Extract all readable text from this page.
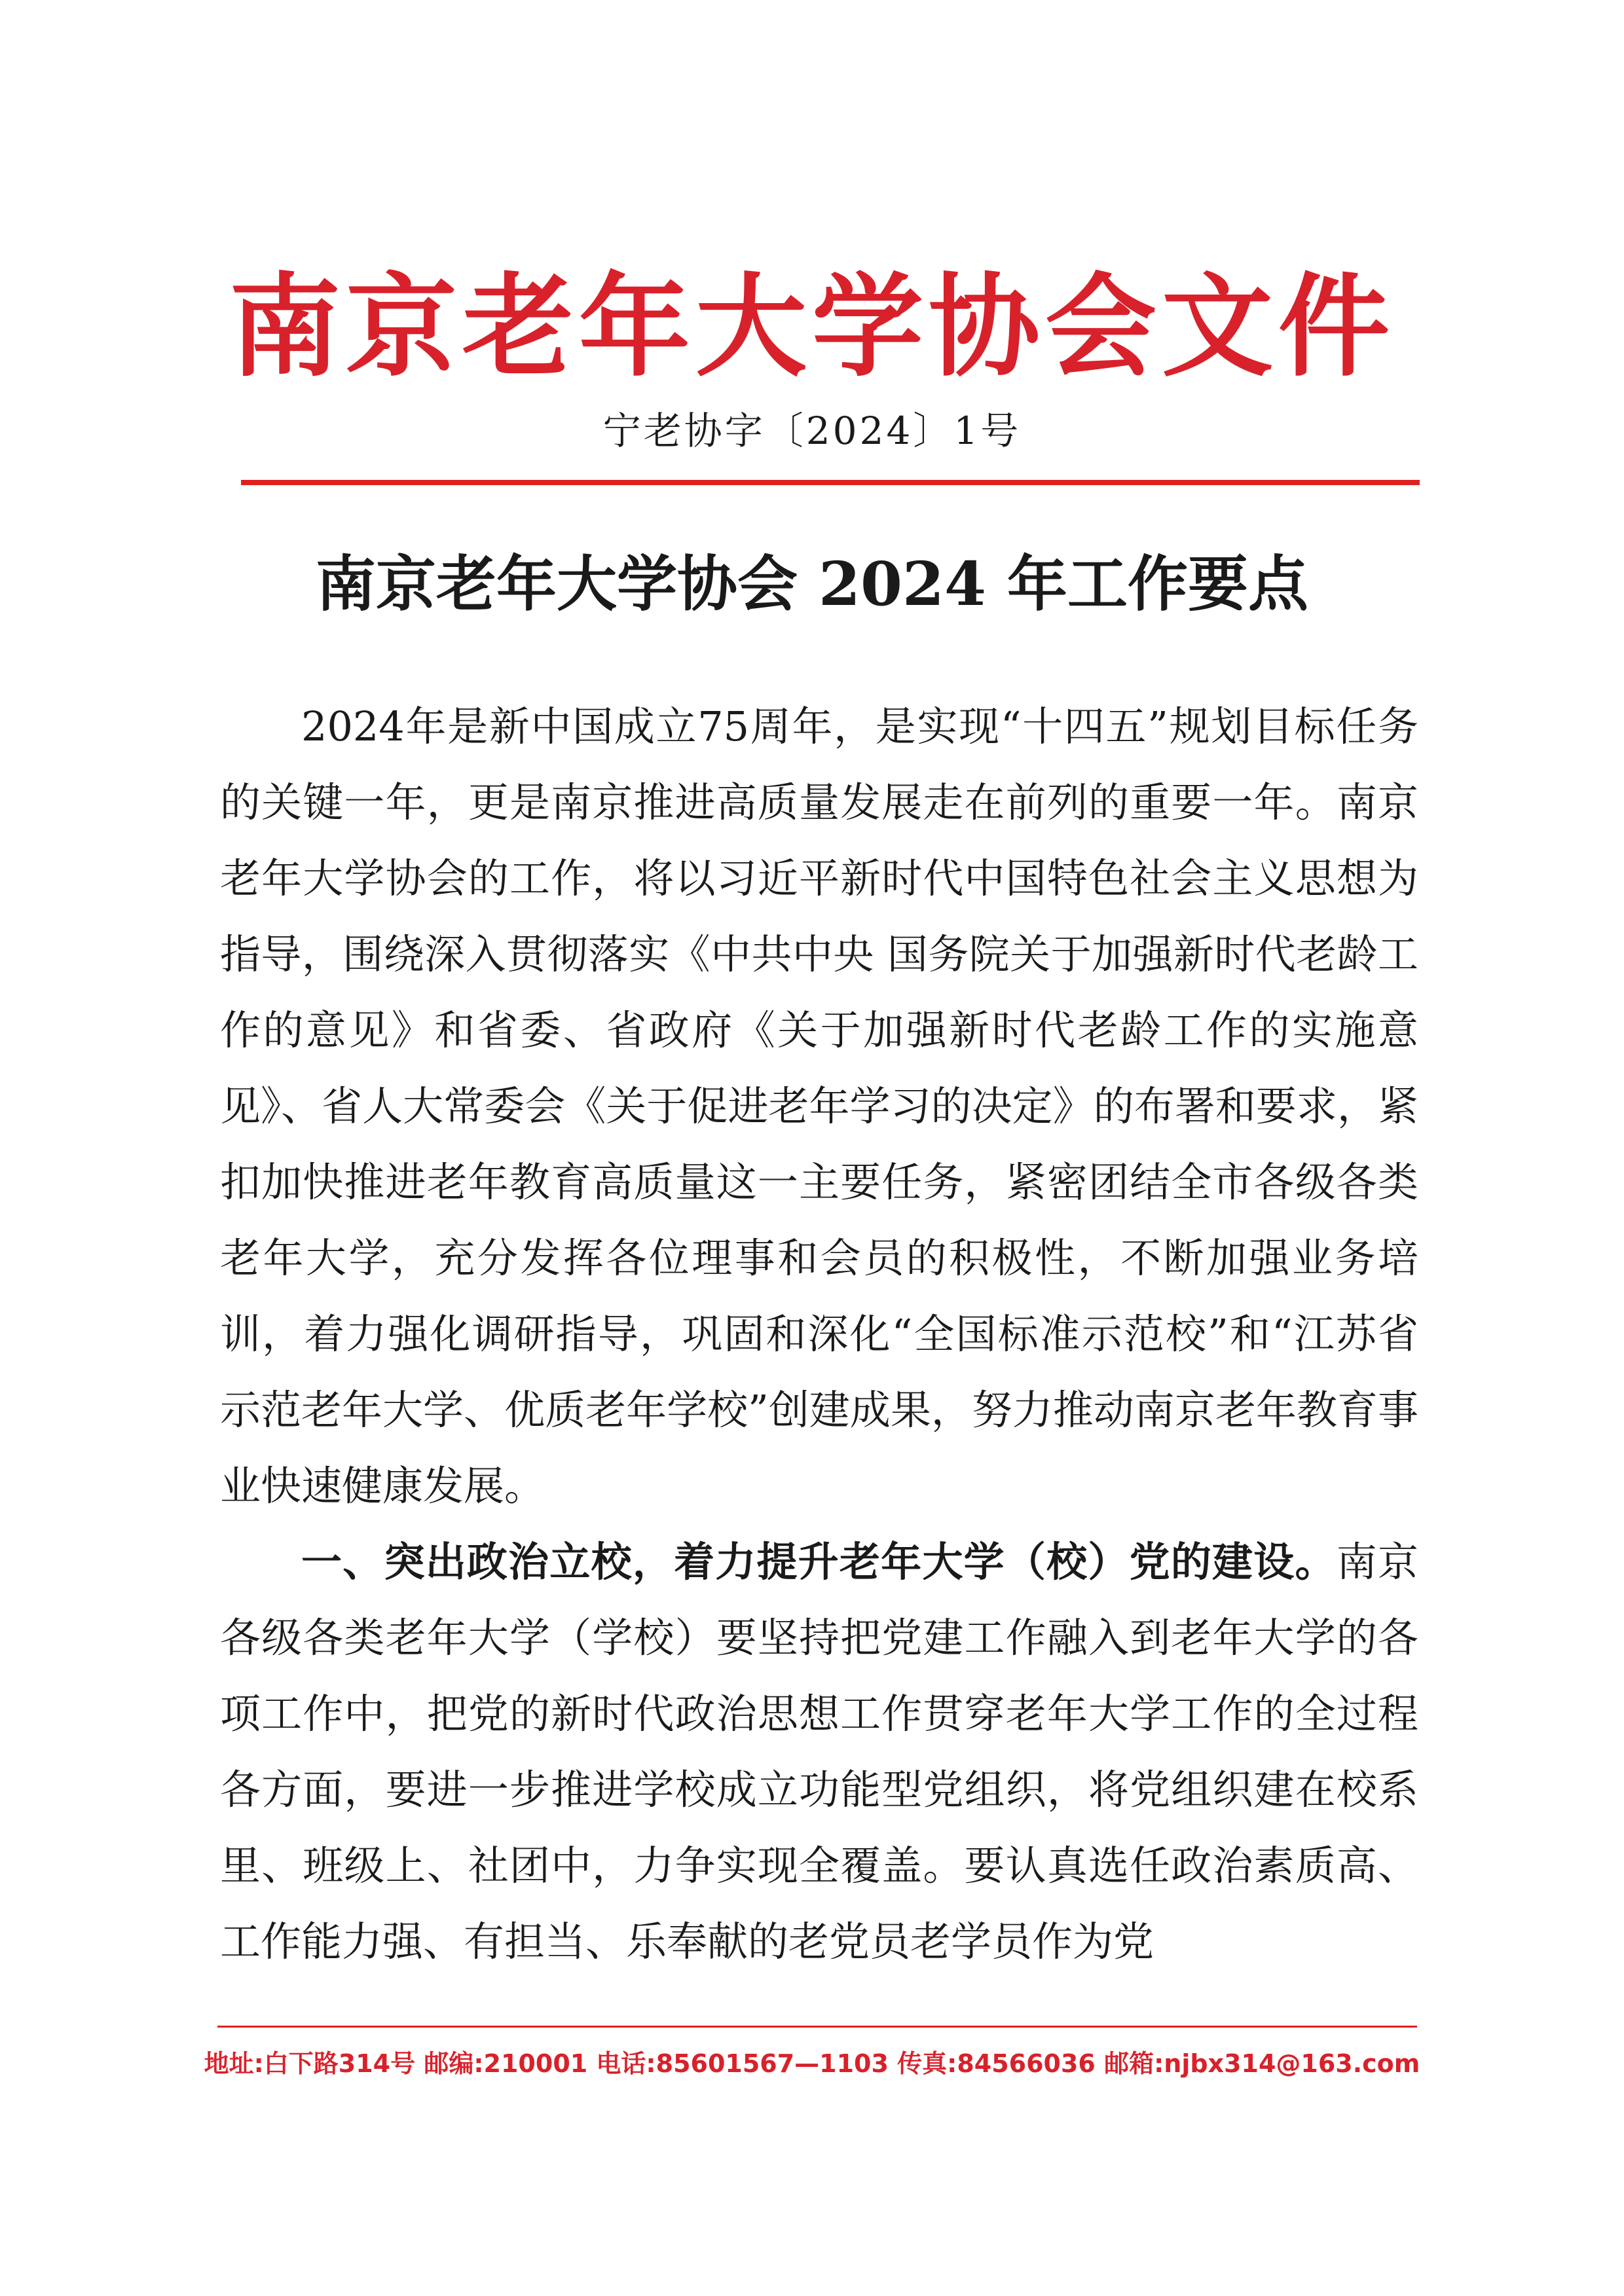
南京老年大学协会文件
宁老协字〔2024〕1号
南京老年大学协会 2024 年工作要点

2024年是新中国成立75周年，是实现“十四五”规划目标任务的关键一年，更是南京推进高质量发展走在前列的重要一年。南京老年大学协会的工作，将以习近平新时代中国特色社会主义思想为指导，围绕深入贯彻落实《中共中央 国务院关于加强新时代老龄工作的意见》和省委、省政府《关于加强新时代老龄工作的实施意见》、省人大常委会《关于促进老年学习的决定》的布署和要求，紧扣加快推进老年教育高质量这一主要任务，紧密团结全市各级各类老年大学，充分发挥各位理事和会员的积极性，不断加强业务培训，着力强化调研指导，巩固和深化“全国标准示范校”和“江苏省示范老年大学、优质老年学校”创建成果，努力推动南京老年教育事业快速健康发展。

一、突出政治立校，着力提升老年大学（校）党的建设。南京各级各类老年大学（学校）要坚持把党建工作融入到老年大学的各项工作中，把党的新时代政治思想工作贯穿老年大学工作的全过程各方面，要进一步推进学校成立功能型党组织，将党组织建在校系里、班级上、社团中，力争实现全覆盖。要认真选任政治素质高、工作能力强、有担当、乐奉献的老党员老学员作为党

地址:白下路314号 邮编:210001 电话:85601567—1103 传真:84566036 邮箱:njbx314@163.com
